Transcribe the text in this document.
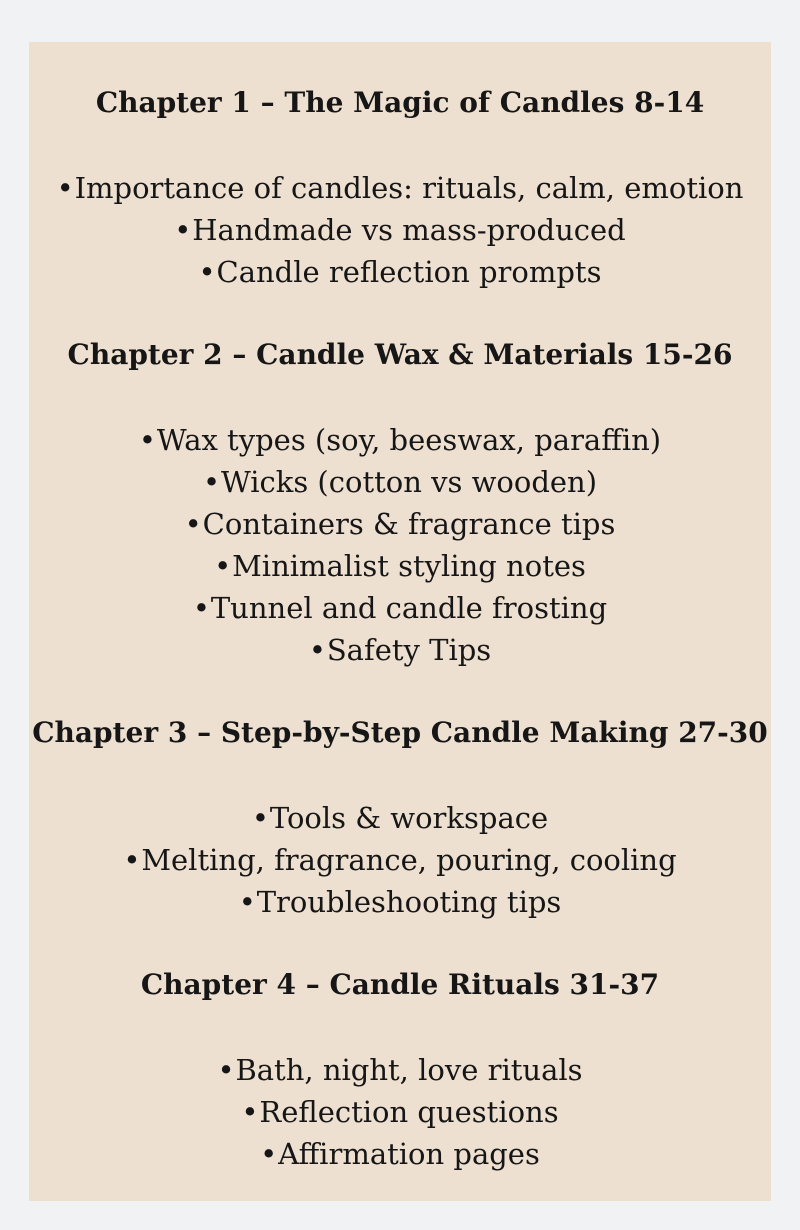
Chapter 1 – The Magic of Candles 8-14
•Importance of candles: rituals, calm, emotion
•Handmade vs mass-produced
•Candle reflection prompts
Chapter 2 – Candle Wax & Materials 15-26
•Wax types (soy, beeswax, paraffin)
•Wicks (cotton vs wooden)
•Containers & fragrance tips
•Minimalist styling notes
•Tunnel and candle frosting
•Safety Tips
Chapter 3 – Step-by-Step Candle Making 27-30
•Tools & workspace
•Melting, fragrance, pouring, cooling
•Troubleshooting tips
Chapter 4 – Candle Rituals 31-37
•Bath, night, love rituals
•Reflection questions
•Affirmation pages
